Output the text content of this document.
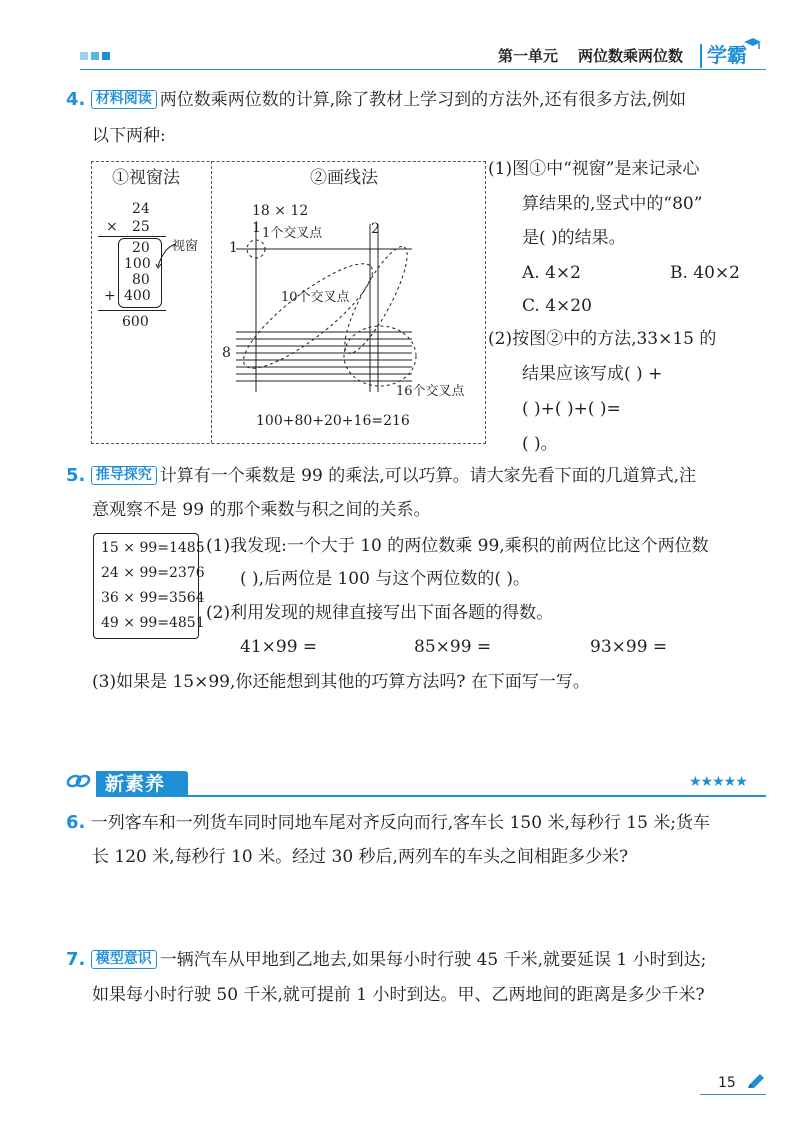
第一单元 两位数乘两位数 学霸
4. 材料阅读 两位数乘两位数的计算,除了教材上学习到的方法外,还有很多方法,例如
以下两种:
①视窗法
24
× 25
20
100
80
+ 400
600
视窗
②画线法
18 × 12
1
1	2
8
1个交叉点
10个交叉点
16个交叉点
100+80+20+16=216
(1)图①中“视窗”是来记录心
算结果的,竖式中的“80”
是( )的结果。
A. 4×2	B. 40×2
C. 4×20
(2)按图②中的方法,33×15 的
结果应该写成( ) +
( )+( )+( )=
( )。
5. 推导探究 计算有一个乘数是 99 的乘法,可以巧算。请大家先看下面的几道算式,注
意观察不是 99 的那个乘数与积之间的关系。
15 × 99=1485
24 × 99=2376
36 × 99=3564
49 × 99=4851
(1)我发现:一个大于 10 的两位数乘 99,乘积的前两位比这个两位数
( ),后两位是 100 与这个两位数的( )。
(2)利用发现的规律直接写出下面各题的得数。
41×99 =	85×99 =	93×99 =
(3)如果是 15×99,你还能想到其他的巧算方法吗? 在下面写一写。
新素养	★★★★★
6. 一列客车和一列货车同时同地车尾对齐反向而行,客车长 150 米,每秒行 15 米;货车
长 120 米,每秒行 10 米。经过 30 秒后,两列车的车头之间相距多少米?
7. 模型意识 一辆汽车从甲地到乙地去,如果每小时行驶 45 千米,就要延误 1 小时到达;
如果每小时行驶 50 千米,就可提前 1 小时到达。甲、乙两地间的距离是多少千米?
15
